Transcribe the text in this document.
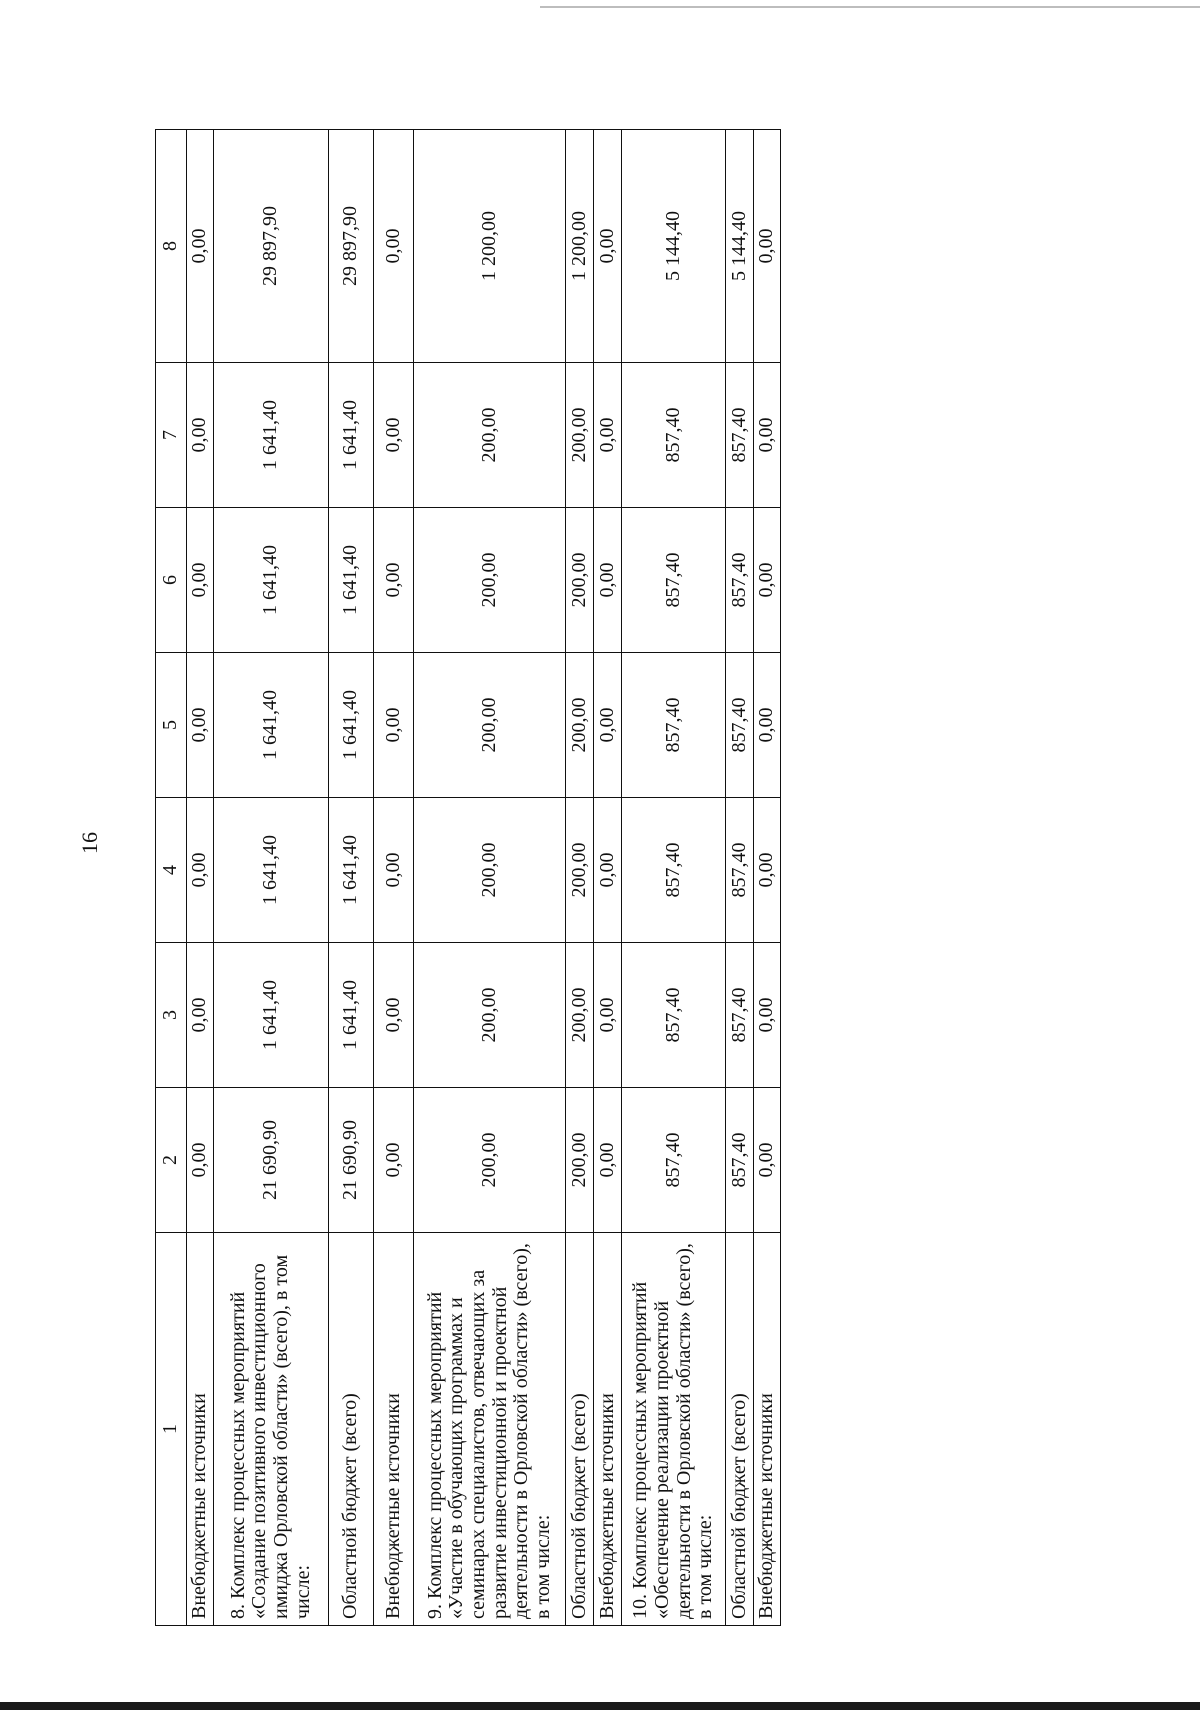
16
1	2	3	4	5	6	7	8
Внебюджетные источники	0,00	0,00	0,00	0,00	0,00	0,00	0,00
8. Комплекс процессных мероприятий «Создание позитивного инвестиционного имиджа Орловской области» (всего), в том числе:	21 690,90	1 641,40	1 641,40	1 641,40	1 641,40	1 641,40	29 897,90
Областной бюджет (всего)	21 690,90	1 641,40	1 641,40	1 641,40	1 641,40	1 641,40	29 897,90
Внебюджетные источники	0,00	0,00	0,00	0,00	0,00	0,00	0,00
9. Комплекс процессных мероприятий «Участие в обучающих программах и семинарах специалистов, отвечающих за развитие инвестиционной и проектной деятельности в Орловской области» (всего), в том числе:	200,00	200,00	200,00	200,00	200,00	200,00	1 200,00
Областной бюджет (всего)	200,00	200,00	200,00	200,00	200,00	200,00	1 200,00
Внебюджетные источники	0,00	0,00	0,00	0,00	0,00	0,00	0,00
10. Комплекс процессных мероприятий «Обеспечение реализации проектной деятельности в Орловской области» (всего), в том числе:	857,40	857,40	857,40	857,40	857,40	857,40	5 144,40
Областной бюджет (всего)	857,40	857,40	857,40	857,40	857,40	857,40	5 144,40
Внебюджетные источники	0,00	0,00	0,00	0,00	0,00	0,00	0,00
